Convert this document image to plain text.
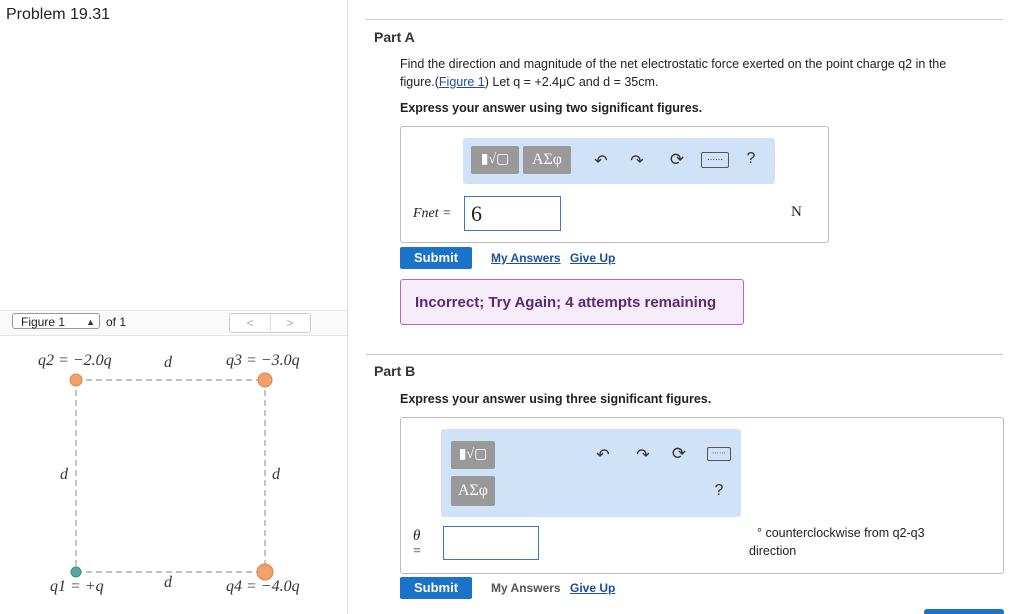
Problem 19.31
Figure 1 ▲ of 1	<	>
q2 = −2.0q	d	q3 = −3.0q
d	d
q1 = +q	d	q4 = −4.0q
Part A
Find the direction and magnitude of the net electrostatic force exerted on the point charge q2 in the
figure.(Figure 1) Let q = +2.4μC and d = 35cm.
Express your answer using two significant figures.
▮√▢	ΑΣφ	↶ ↷ ⟳	⋯⋯	?
Fnet = 6	N
Submit	My Answers Give Up
Incorrect; Try Again; 4 attempts remaining
Part B
Express your answer using three significant figures.
▮√▢
ΑΣφ
↶ ↷ ⟳	⋯⋯
?
θ
=
° counterclockwise from q2-q3
direction
Submit	My Answers Give Up
